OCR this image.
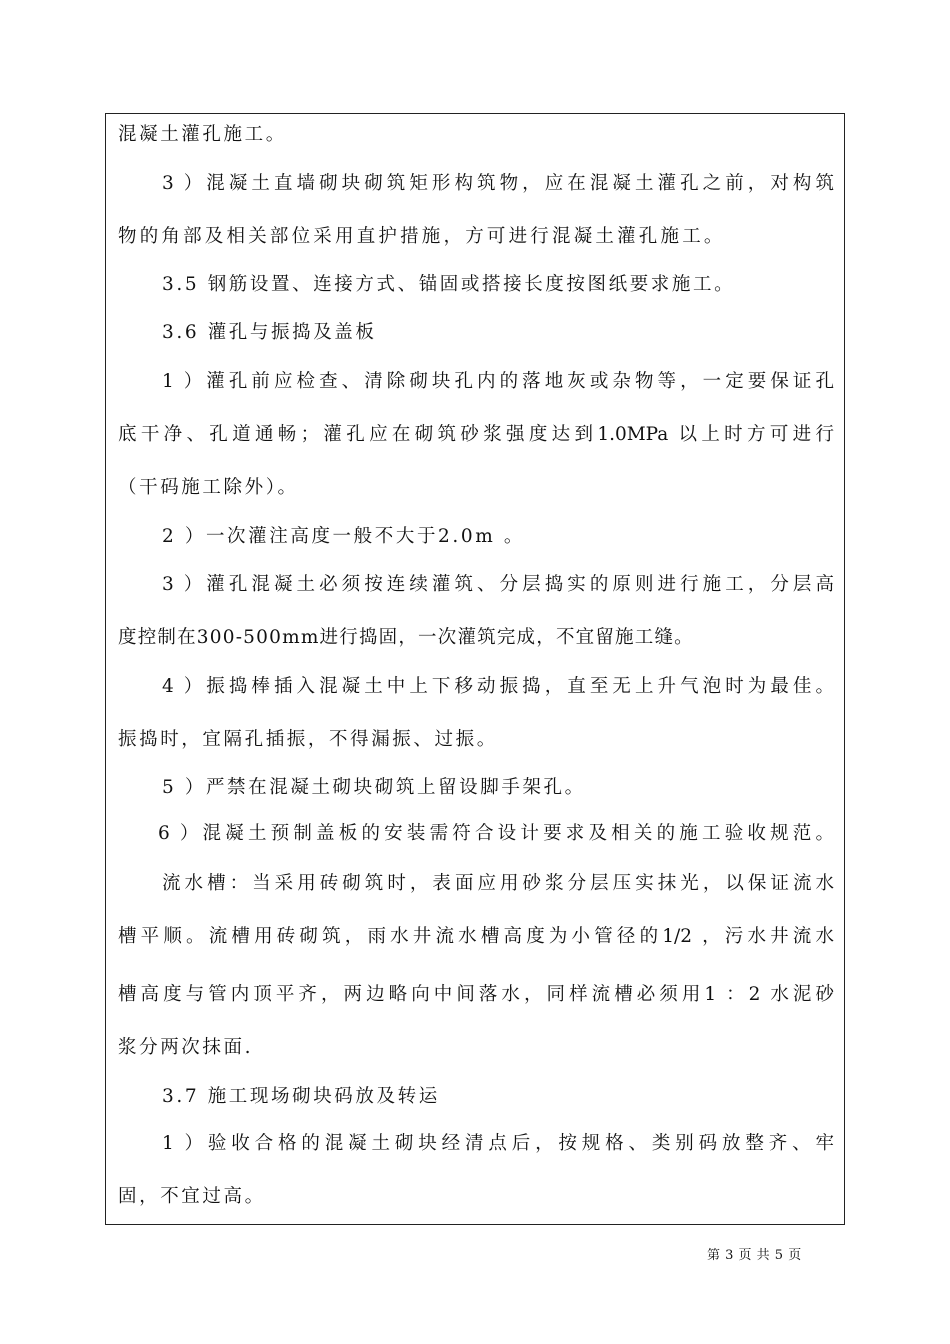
混凝土灌孔施工。
3 ）混凝土直墙砌块砌筑矩形构筑物，应在混凝土灌孔之前，对构筑
物的角部及相关部位采用直护措施，方可进行混凝土灌孔施工。
3.5 钢筋设置、连接方式、锚固或搭接长度按图纸要求施工。
3.6 灌孔与振捣及盖板
1 ）灌孔前应检查、清除砌块孔内的落地灰或杂物等，一定要保证孔
底干净、孔道通畅；灌孔应在砌筑砂浆强度达到1.0MPa 以上时方可进行
（干码施工除外）。
2 ）一次灌注高度一般不大于2.0m 。
3 ）灌孔混凝土必须按连续灌筑、分层捣实的原则进行施工，分层高
度控制在300-500mm进行捣固，一次灌筑完成，不宜留施工缝。
4 ）振捣棒插入混凝土中上下移动振捣，直至无上升气泡时为最佳。
振捣时，宜隔孔插振，不得漏振、过振。
5 ）严禁在混凝土砌块砌筑上留设脚手架孔。
6 ）混凝土预制盖板的安装需符合设计要求及相关的施工验收规范。
流水槽：当采用砖砌筑时，表面应用砂浆分层压实抹光，以保证流水
槽平顺。流槽用砖砌筑，雨水井流水槽高度为小管径的1/2 ，污水井流水
槽高度与管内顶平齐，两边略向中间落水，同样流槽必须用1 ：2 水泥砂
浆分两次抹面.
3.7 施工现场砌块码放及转运
1 ）验收合格的混凝土砌块经清点后，按规格、类别码放整齐、牢
固，不宜过高。
第 3 页 共 5 页
